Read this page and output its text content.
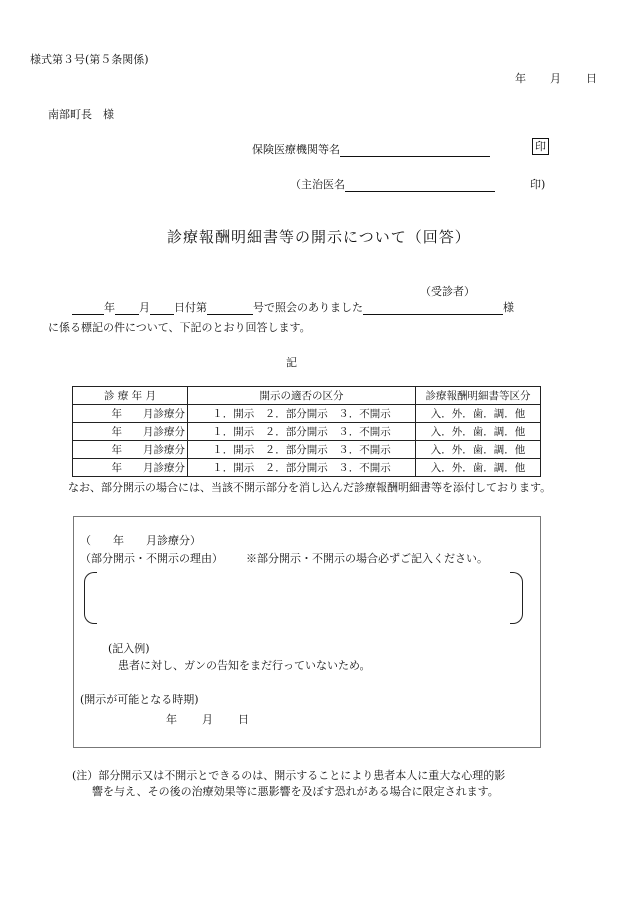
様式第３号(第５条関係)
年 月 日
南部町長　様
保険医療機関等名	印
（主治医名	印)
診療報酬明細書等の開示について（回答）
（受診者）
年 月 日付第	号で照会のありました	様
に係る標記の件について、下記のとおり回答します。
記
診 療 年 月	開示の適否の区分	診療報酬明細書等区分
年　　月診療分	１．開示　２．部分開示　３．不開示	入．外．歯．調．他
年　　月診療分	１．開示　２．部分開示　３．不開示	入．外．歯．調．他
年　　月診療分	１．開示　２．部分開示　３．不開示	入．外．歯．調．他
年　　月診療分	１．開示　２．部分開示　３．不開示	入．外．歯．調．他
なお、部分開示の場合には、当該不開示部分を消し込んだ診療報酬明細書等を添付しております。
（　　年　　月診療分）
（部分開示・不開示の理由） ※部分開示・不開示の場合必ずご記入ください。
(記入例)
患者に対し、ガンの告知をまだ行っていないため。
(開示が可能となる時期)
年 月 日
(注）部分開示又は不開示とできるのは、開示することにより患者本人に重大な心理的影
響を与え、その後の治療効果等に悪影響を及ぼす恐れがある場合に限定されます。
